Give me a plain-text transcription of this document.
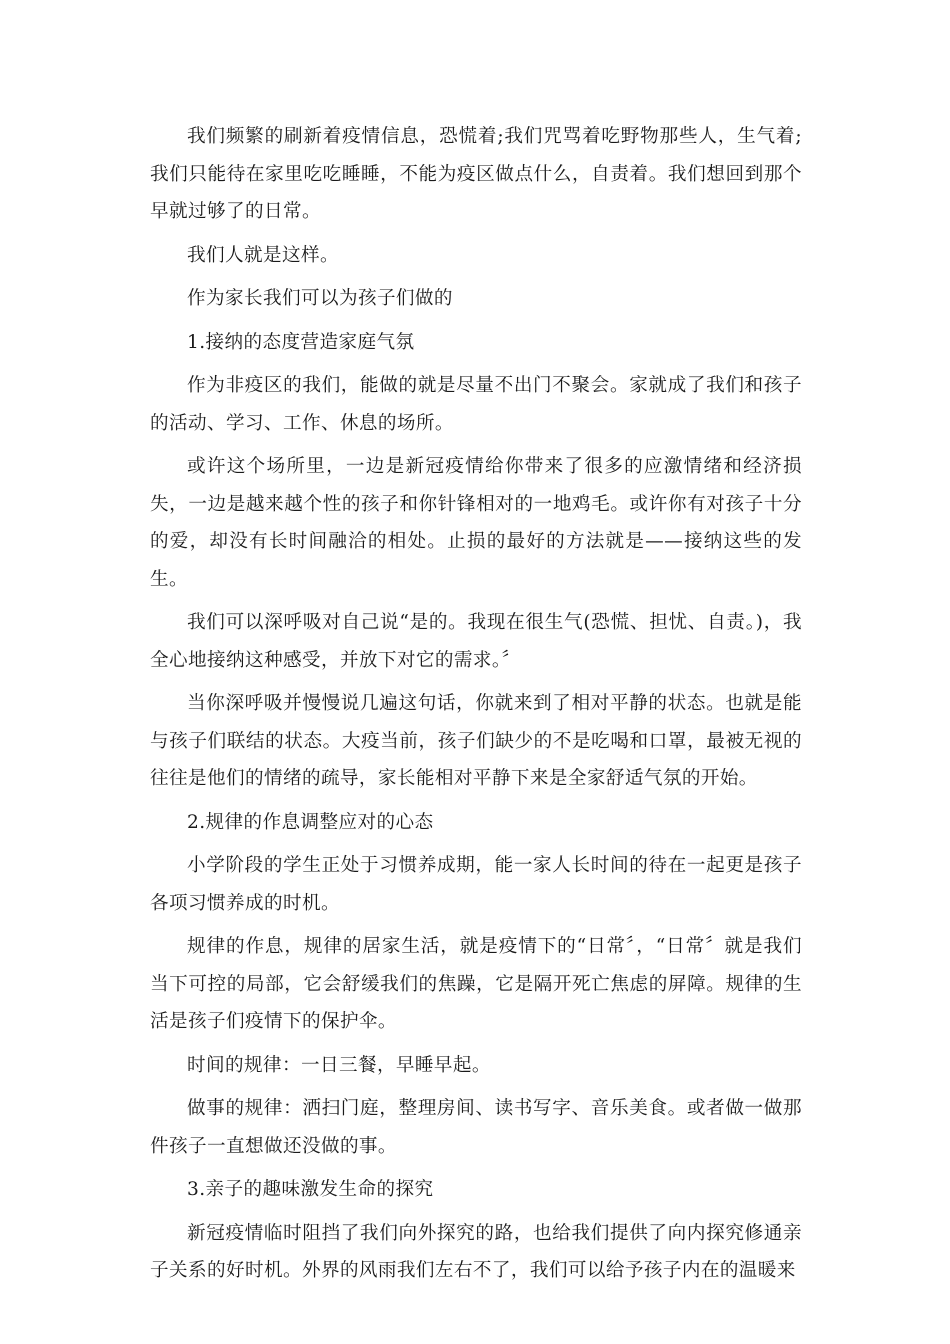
我们频繁的刷新着疫情信息，恐慌着;我们咒骂着吃野物那些人，生气着;我们只能待在家里吃吃睡睡，不能为疫区做点什么，自责着。我们想回到那个早就过够了的日常。

我们人就是这样。

作为家长我们可以为孩子们做的

1.接纳的态度营造家庭气氛

作为非疫区的我们，能做的就是尽量不出门不聚会。家就成了我们和孩子的活动、学习、工作、休息的场所。

或许这个场所里，一边是新冠疫情给你带来了很多的应激情绪和经济损失，一边是越来越个性的孩子和你针锋相对的一地鸡毛。或许你有对孩子十分的爱，却没有长时间融洽的相处。止损的最好的方法就是——接纳这些的发生。

我们可以深呼吸对自己说“是的。我现在很生气(恐慌、担忧、自责。)，我全心地接纳这种感受，并放下对它的需求。〞

当你深呼吸并慢慢说几遍这句话，你就来到了相对平静的状态。也就是能与孩子们联结的状态。大疫当前，孩子们缺少的不是吃喝和口罩，最被无视的往往是他们的情绪的疏导，家长能相对平静下来是全家舒适气氛的开始。

2.规律的作息调整应对的心态

小学阶段的学生正处于习惯养成期，能一家人长时间的待在一起更是孩子各项习惯养成的时机。

规律的作息，规律的居家生活，就是疫情下的“日常〞，“日常〞就是我们当下可控的局部，它会舒缓我们的焦躁，它是隔开死亡焦虑的屏障。规律的生活是孩子们疫情下的保护伞。

时间的规律：一日三餐，早睡早起。

做事的规律：洒扫门庭，整理房间、读书写字、音乐美食。或者做一做那件孩子一直想做还没做的事。

3.亲子的趣味激发生命的探究

新冠疫情临时阻挡了我们向外探究的路，也给我们提供了向内探究修通亲子关系的好时机。外界的风雨我们左右不了，我们可以给予孩子内在的温暖来
